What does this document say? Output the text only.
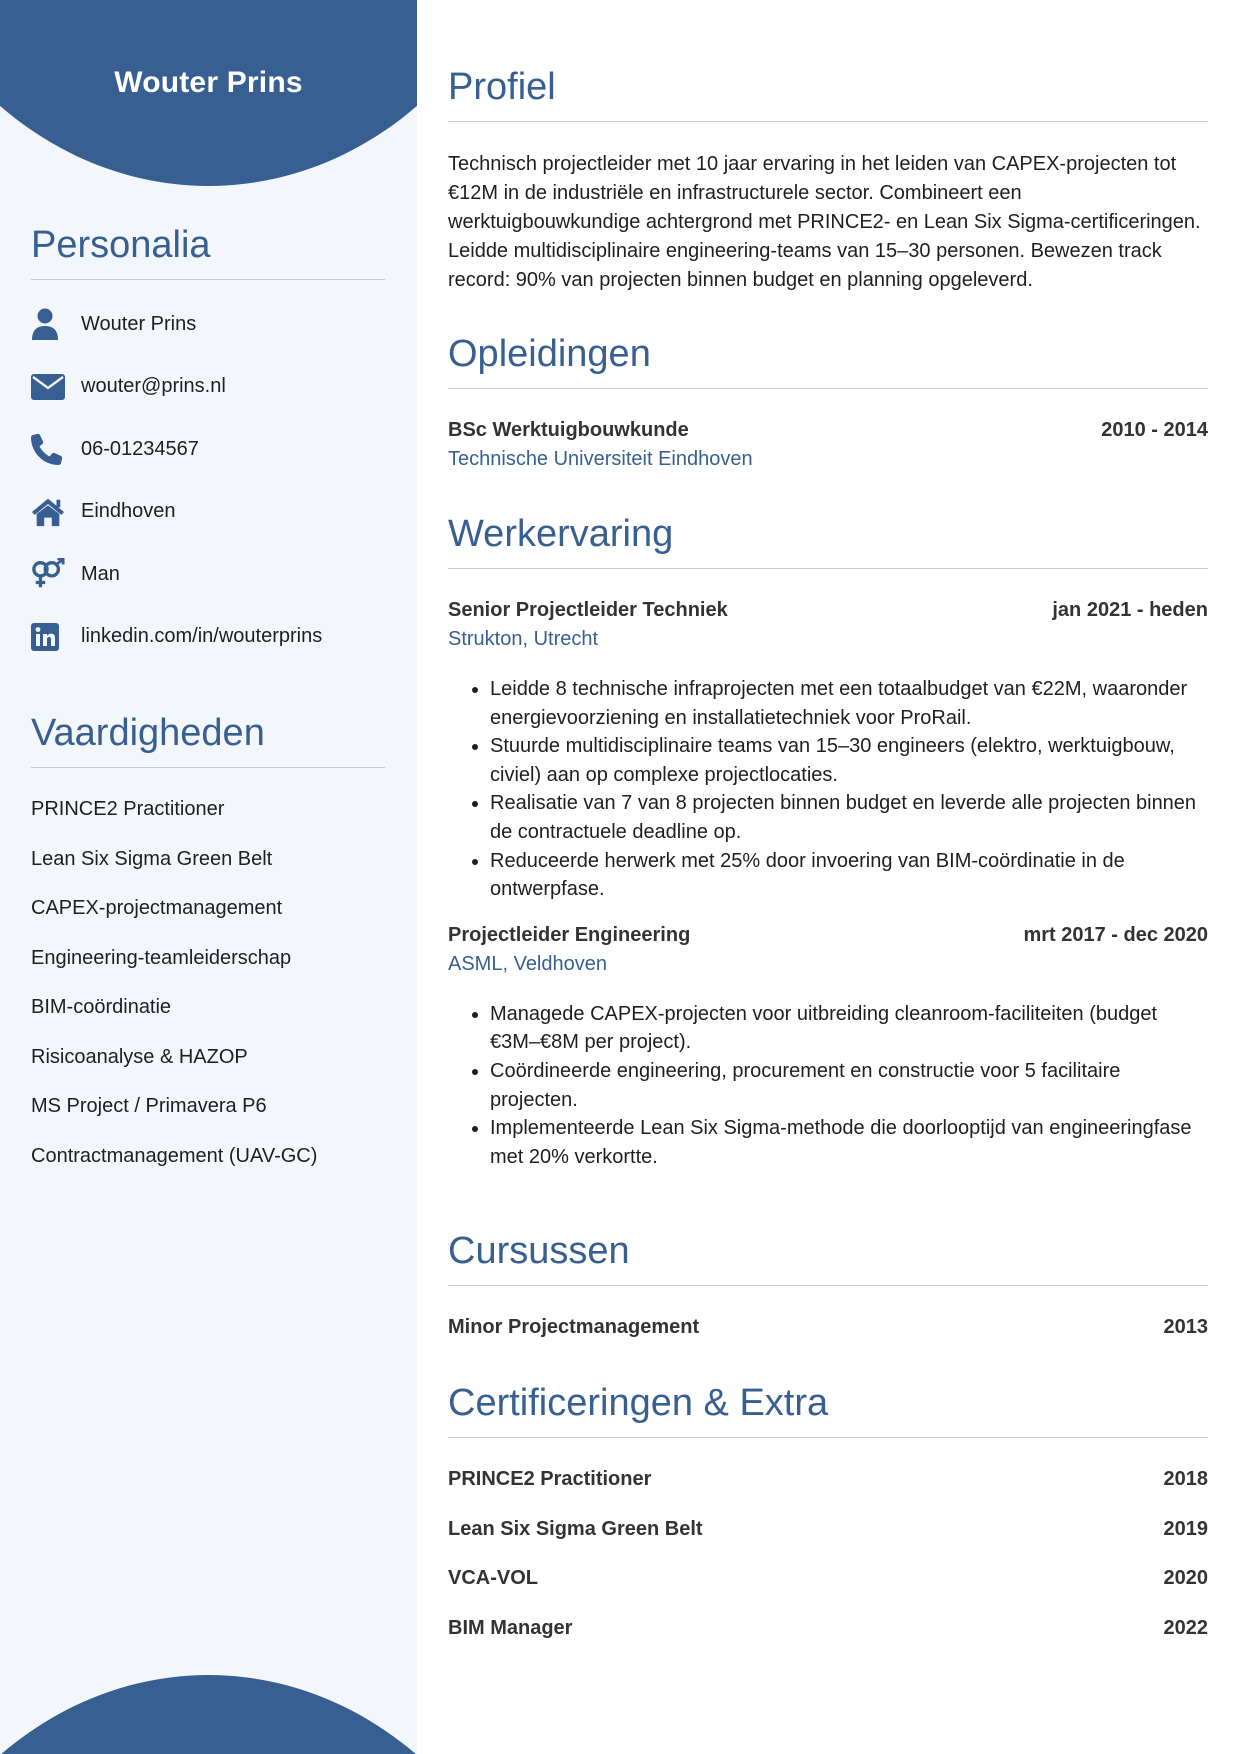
Wouter Prins
Personalia
Wouter Prins
wouter@prins.nl
06-01234567
Eindhoven
Man
linkedin.com/in/wouterprins
Vaardigheden
PRINCE2 Practitioner
Lean Six Sigma Green Belt
CAPEX-projectmanagement
Engineering-teamleiderschap
BIM-coördinatie
Risicoanalyse & HAZOP
MS Project / Primavera P6
Contractmanagement (UAV-GC)
Profiel
Technisch projectleider met 10 jaar ervaring in het leiden van CAPEX-projecten tot €12M in de industriële en infrastructurele sector. Combineert een werktuigbouwkundige achtergrond met PRINCE2- en Lean Six Sigma-certificeringen. Leidde multidisciplinaire engineering-teams van 15–30 personen. Bewezen track record: 90% van projecten binnen budget en planning opgeleverd.
Opleidingen
BSc Werktuigbouwkunde	2010 - 2014
Technische Universiteit Eindhoven
Werkervaring
Senior Projectleider Techniek	jan 2021 - heden
Strukton, Utrecht
• Leidde 8 technische infraprojecten met een totaalbudget van €22M, waaronder energievoorziening en installatietechniek voor ProRail.
• Stuurde multidisciplinaire teams van 15–30 engineers (elektro, werktuigbouw, civiel) aan op complexe projectlocaties.
• Realisatie van 7 van 8 projecten binnen budget en leverde alle projecten binnen de contractuele deadline op.
• Reduceerde herwerk met 25% door invoering van BIM-coördinatie in de ontwerpfase.
Projectleider Engineering	mrt 2017 - dec 2020
ASML, Veldhoven
• Managede CAPEX-projecten voor uitbreiding cleanroom-faciliteiten (budget €3M–€8M per project).
• Coördineerde engineering, procurement en constructie voor 5 facilitaire projecten.
• Implementeerde Lean Six Sigma-methode die doorlooptijd van engineeringfase met 20% verkortte.
Cursussen
Minor Projectmanagement	2013
Certificeringen & Extra
PRINCE2 Practitioner	2018
Lean Six Sigma Green Belt	2019
VCA-VOL	2020
BIM Manager	2022
